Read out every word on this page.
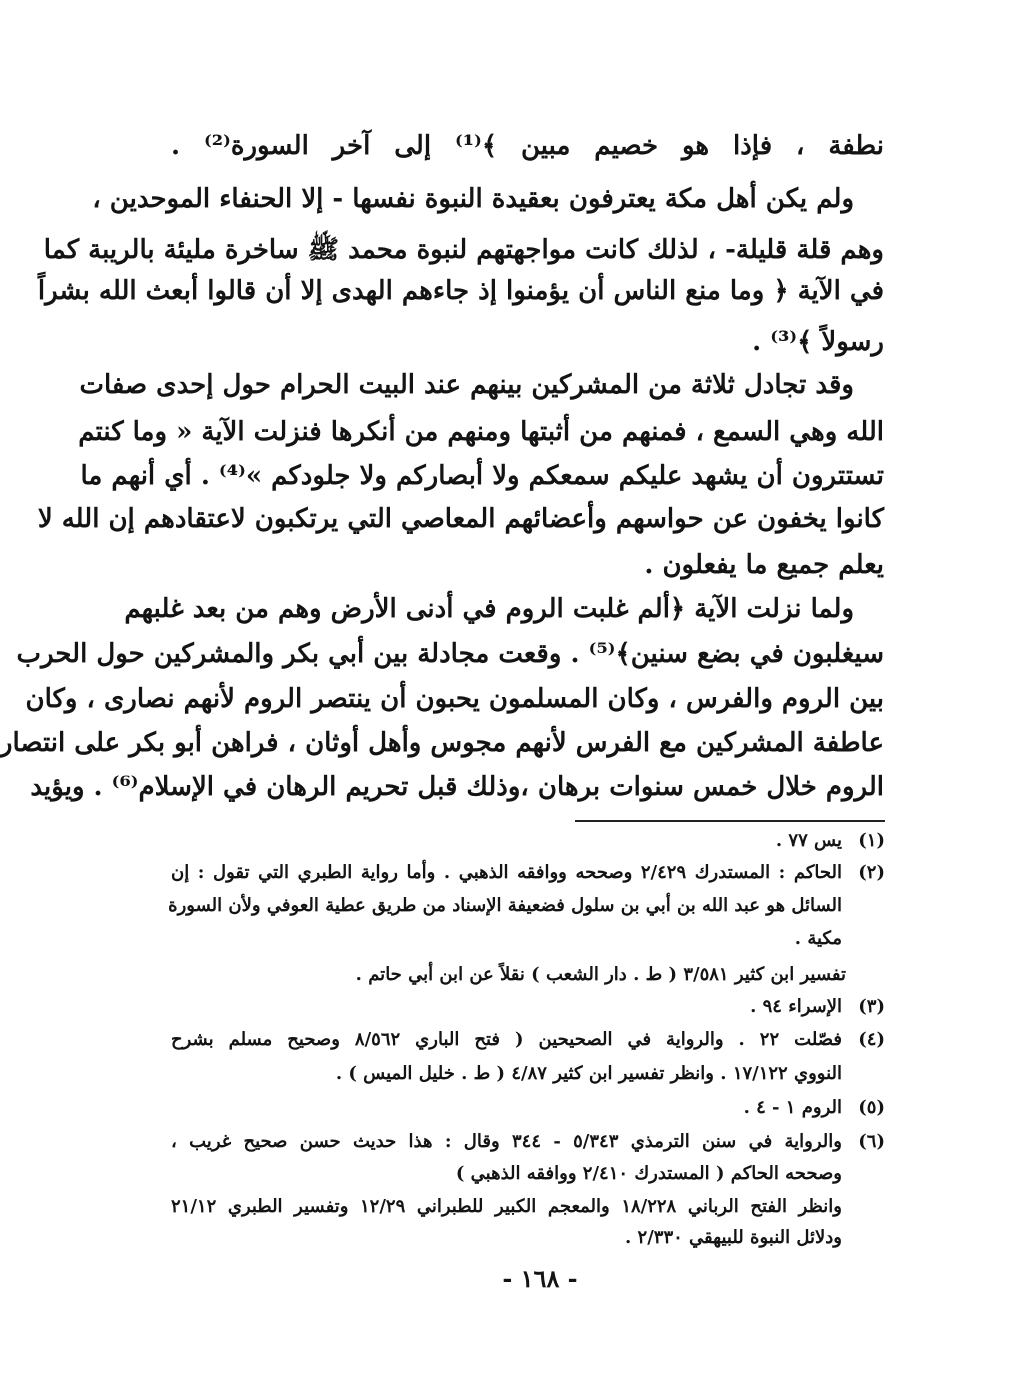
نطفة ، فإذا هو خصيم مبين ﴾⁽¹⁾ إلى آخر السورة⁽²⁾ .
ولم يكن أهل مكة يعترفون بعقيدة النبوة نفسها - إلا الحنفاء الموحدين ،
وهم قلة قليلة- ، لذلك كانت مواجهتهم لنبوة محمد ﷺ ساخرة مليئة بالريبة كما
في الآية ﴿ وما منع الناس أن يؤمنوا إذ جاءهم الهدى إلا أن قالوا أبعث الله بشراً
رسولاً ﴾⁽³⁾ .
وقد تجادل ثلاثة من المشركين بينهم عند البيت الحرام حول إحدى صفات
الله وهي السمع ، فمنهم من أثبتها ومنهم من أنكرها فنزلت الآية « وما كنتم
تستترون أن يشهد عليكم سمعكم ولا أبصاركم ولا جلودكم »⁽⁴⁾ . أي أنهم ما
كانوا يخفون عن حواسهم وأعضائهم المعاصي التي يرتكبون لاعتقادهم إن الله لا
يعلم جميع ما يفعلون .
ولما نزلت الآية ﴿ألم غلبت الروم في أدنى الأرض وهم من بعد غلبهم
سيغلبون في بضع سنين﴾⁽⁵⁾ . وقعت مجادلة بين أبي بكر والمشركين حول الحرب
بين الروم والفرس ، وكان المسلمون يحبون أن ينتصر الروم لأنهم نصارى ، وكان
عاطفة المشركين مع الفرس لأنهم مجوس وأهل أوثان ، فراهن أبو بكر على انتصار
الروم خلال خمس سنوات برهان ،وذلك قبل تحريم الرهان في الإسلام⁽⁶⁾ . ويؤيد
(١)
يس ٧٧ .
(٢)
الحاكم : المستدرك ٢/٤٢٩ وصححه ووافقه الذهبي . وأما رواية الطبري التي تقول : إن
السائل هو عبد الله بن أبي بن سلول فضعيفة الإسناد من طريق عطية العوفي ولأن السورة
مكية .
تفسير ابن كثير ٣/٥٨١ ( ط . دار الشعب ) نقلاً عن ابن أبي حاتم .
(٣)
الإسراء ٩٤ .
(٤)
فصّلت ٢٢ . والرواية في الصحيحين ( فتح الباري ٨/٥٦٢ وصحيح مسلم بشرح
النووي ١٧/١٢٢ . وانظر تفسير ابن كثير ٤/٨٧ ( ط . خليل الميس ) .
(٥)
الروم ١ - ٤ .
(٦)
والرواية في سنن الترمذي ٥/٣٤٣ - ٣٤٤ وقال : هذا حديث حسن صحيح غريب ،
وصححه الحاكم ( المستدرك ٢/٤١٠ ووافقه الذهبي )
وانظر الفتح الرباني ١٨/٢٢٨ والمعجم الكبير للطبراني ١٢/٢٩ وتفسير الطبري ٢١/١٢
ودلائل النبوة للبيهقي ٢/٣٣٠ .
- ١٦٨ -
